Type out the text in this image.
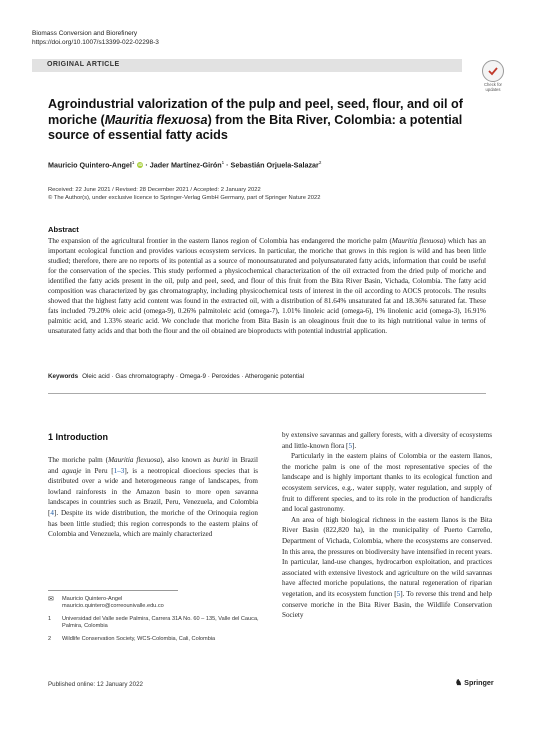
Biomass Conversion and Biorefinery
https://doi.org/10.1007/s13399-022-02298-3
Check for
updates
ORIGINAL ARTICLE
Agroindustrial valorization of the pulp and peel, seed, flour, and oil of moriche (Mauritia flexuosa) from the Bita River, Colombia: a potential source of essential fatty acids
Mauricio Quintero-Angel$^1$ iD · Jader Martínez-Girón$^1$ · Sebastián Orjuela-Salazar$^2$
Received: 22 June 2021 / Revised: 28 December 2021 / Accepted: 2 January 2022
© The Author(s), under exclusive licence to Springer-Verlag GmbH Germany, part of Springer Nature 2022
Abstract
The expansion of the agricultural frontier in the eastern llanos region of Colombia has endangered the moriche palm (Mauritia flexuosa) which has an important ecological function and provides various ecosystem services. In particular, the moriche that grows in this region is wild and has been little studied; therefore, there are no reports of its potential as a source of monounsaturated and polyunsaturated fatty acids, information that could be useful for the conservation of the species. This study performed a physicochemical characterization of the oil extracted from the dried pulp of moriche and identified the fatty acids present in the oil, pulp and peel, seed, and flour of this fruit from the Bita River Basin, Vichada, Colombia. The fatty acid composition was characterized by gas chromatography, including physicochemical tests of interest in the oil according to AOCS protocols. The results showed that the highest fatty acid content was found in the extracted oil, with a distribution of 81.64% unsaturated fat and 18.36% saturated fat. These fats included 79.20% oleic acid (omega-9), 0.26% palmitoleic acid (omega-7), 1.01% linoleic acid (omega-6), 1% linolenic acid (omega-3), 16.91% palmitic acid, and 1.33% stearic acid. We conclude that moriche from Bita Basin is an oleaginous fruit due to its high nutritional value in terms of unsaturated fatty acids and that both the flour and the oil obtained are bioproducts with potential industrial application.
Keywords Oleic acid · Gas chromatography · Omega-9 · Peroxides · Atherogenic potential
1 Introduction
The moriche palm (Mauritia flexuosa), also known as buriti in Brazil and aguaje in Peru [1–3], is a neotropical dioecious species that is distributed over a wide and heterogeneous range of landscapes, from lowland rainforests in the Amazon basin to more open savanna landscapes in countries such as Brazil, Peru, Venezuela, and Colombia [4]. Despite its wide distribution, the moriche of the Orinoquia region has been little studied; this region corresponds to the eastern plains of Colombia and Venezuela, which are mainly characterized

by extensive savannas and gallery forests, with a diversity of ecosystems and little-known flora [5].

Particularly in the eastern plains of Colombia or the eastern llanos, the moriche palm is one of the most representative species of the landscape and is highly important thanks to its ecological function and ecosystem services, e.g., water supply, water regulation, and supply of fruit to different species, and to its role in the production of handicrafts and local gastronomy.

An area of high biological richness in the eastern llanos is the Bita River Basin (822,820 ha), in the municipality of Puerto Carreño, Department of Vichada, Colombia, where the ecosystems are conserved. In this area, the pressures on biodiversity have intensified in recent years. In particular, land-use changes, hydrocarbon exploitation, and practices associated with extensive livestock and agriculture on the wild savannas have affected moriche populations, the natural regeneration of riparian vegetation, and its ecosystem function [5]. To reverse this trend and help conserve moriche in the Bita River Basin, the Wildlife Conservation Society

✉	Mauricio Quintero-Angel
mauricio.quintero@correounivalle.edu.co
1	Universidad del Valle sede Palmira, Carrera 31A No. 60 – 135, Valle del Cauca, Palmira, Colombia
2	Wildlife Conservation Society, WCS-Colombia, Cali, Colombia
Published online: 12 January 2022	♞ Springer
